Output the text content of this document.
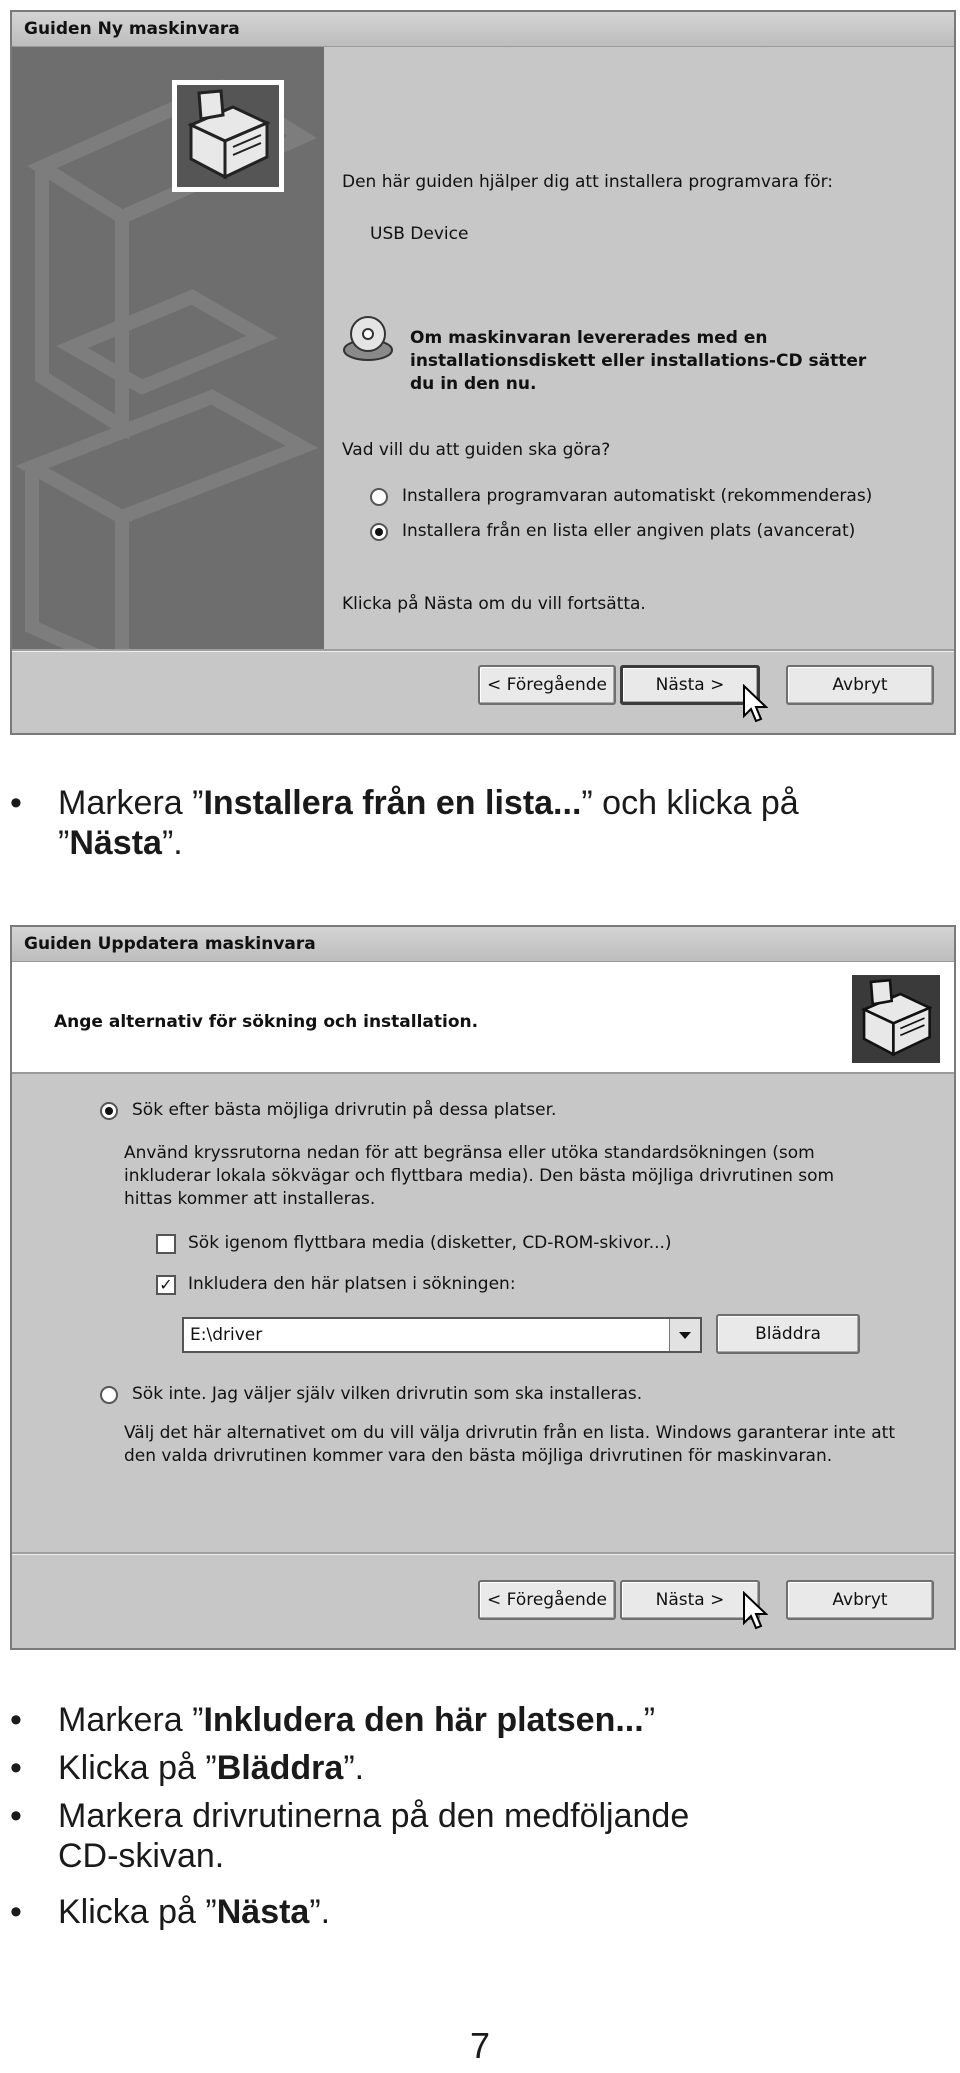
Guiden Ny maskinvara
Den här guiden hjälper dig att installera programvara för:
USB Device
Om maskinvaran levererades med en
installationsdiskett eller installations-CD sätter
du in den nu.
Vad vill du att guiden ska göra?
Installera programvaran automatiskt (rekommenderas)
Installera från en lista eller angiven plats (avancerat)
Klicka på Nästa om du vill fortsätta.
< Föregående	Nästa >	Avbryt
• Markera ”Installera från en lista...” och klicka på
”Nästa”.
Guiden Uppdatera maskinvara
Ange alternativ för sökning och installation.
Sök efter bästa möjliga drivrutin på dessa platser.
Använd kryssrutorna nedan för att begränsa eller utöka standardsökningen (som
inkluderar lokala sökvägar och flyttbara media). Den bästa möjliga drivrutinen som
hittas kommer att installeras.
Sök igenom flyttbara media (disketter, CD-ROM-skivor...)
✓ Inkludera den här platsen i sökningen:
E:\driver	Bläddra
Sök inte. Jag väljer själv vilken drivrutin som ska installeras.
Välj det här alternativet om du vill välja drivrutin från en lista. Windows garanterar inte att
den valda drivrutinen kommer vara den bästa möjliga drivrutinen för maskinvaran.
< Föregående	Nästa >	Avbryt
• Markera ”Inkludera den här platsen...”
• Klicka på ”Bläddra”.
• Markera drivrutinerna på den medföljande
CD-skivan.
• Klicka på ”Nästa”.
7
